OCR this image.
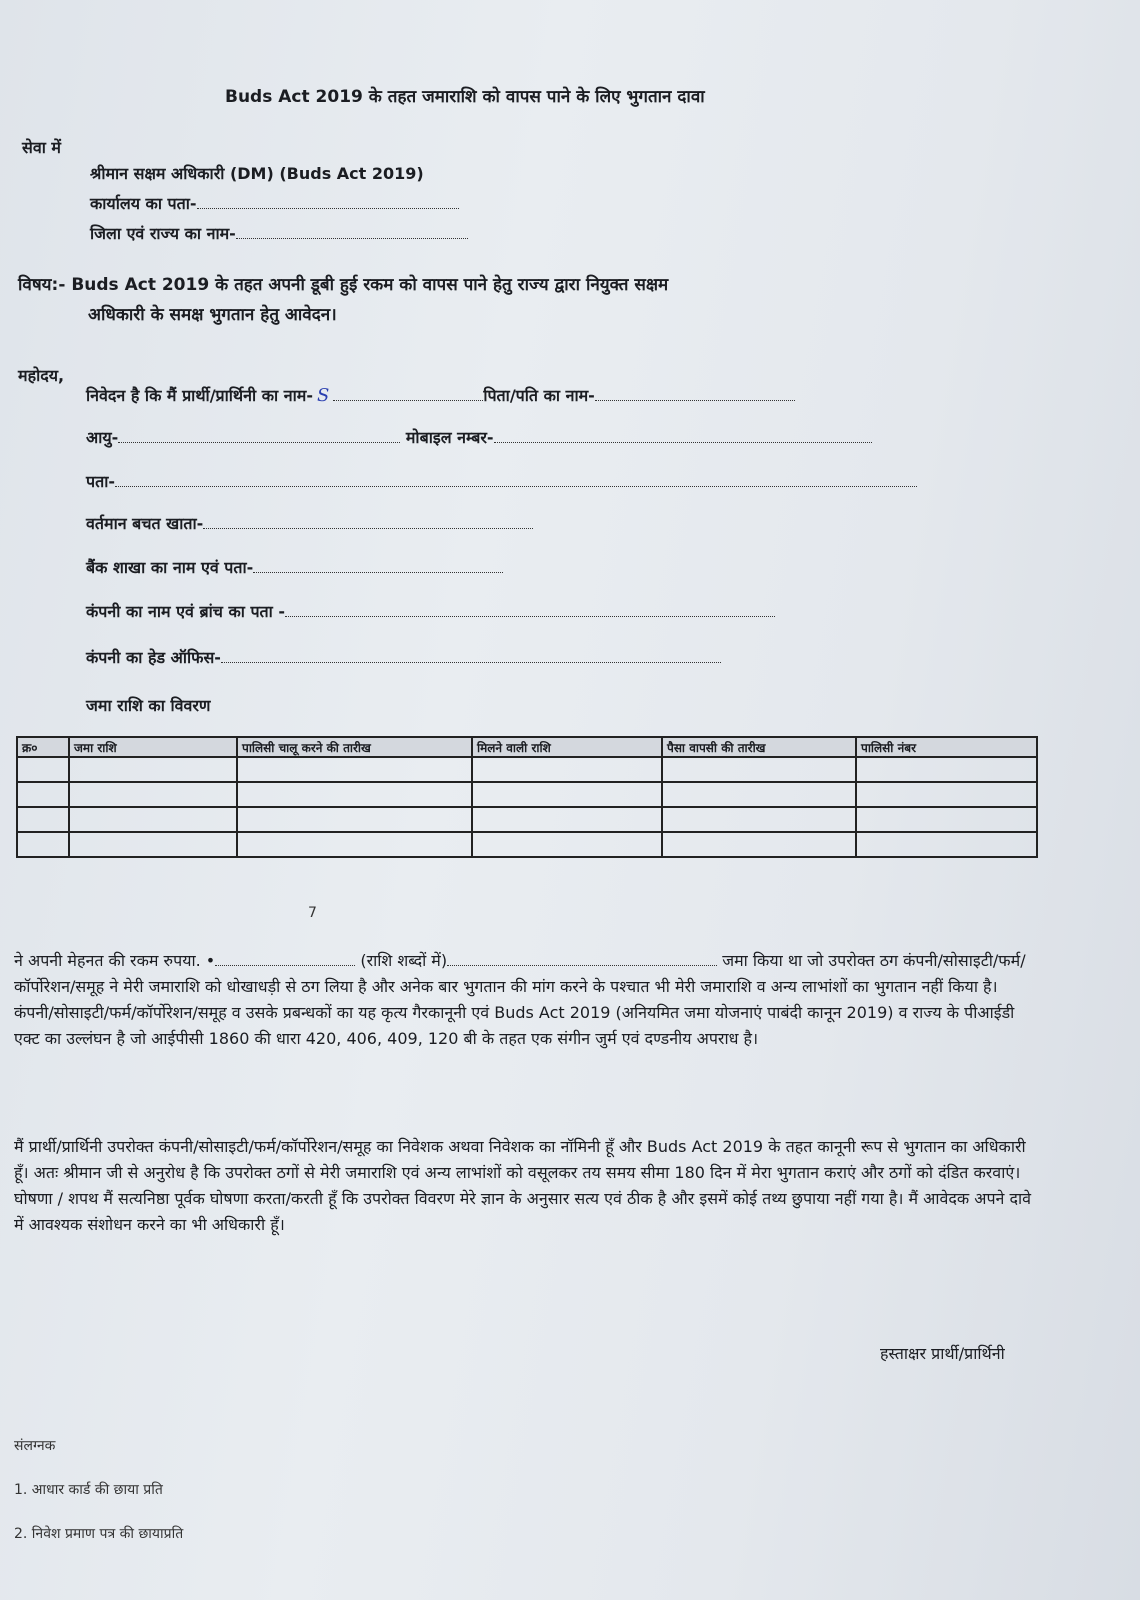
Buds Act 2019 के तहत जमाराशि को वापस पाने के लिए भुगतान दावा
सेवा में
श्रीमान सक्षम अधिकारी (DM) (Buds Act 2019)
कार्यालय का पता-
जिला एवं राज्य का नाम-
विषय:- Buds Act 2019 के तहत अपनी डूबी हुई रकम को वापस पाने हेतु राज्य द्वारा नियुक्त सक्षम
अधिकारी के समक्ष भुगतान हेतु आवेदन।
महोदय,
निवेदन है कि मैं प्रार्थी/प्रार्थिनी का नाम- S	पिता/पति का नाम-
आयु-	मोबाइल नम्बर-
पता-
वर्तमान बचत खाता-
बैंक शाखा का नाम एवं पता-
कंपनी का नाम एवं ब्रांच का पता -
कंपनी का हेड ऑफिस-
जमा राशि का विवरण
क्र०	जमा राशि	पालिसी चालू करने की तारीख	मिलने वाली राशि	पैसा वापसी की तारीख	पालिसी नंबर

7
ने अपनी मेहनत की रकम रुपया. •	(राशि शब्दों में)	जमा किया था जो उपरोक्त ठग कंपनी/सोसाइटी/फर्म/कॉर्पोरेशन/समूह ने मेरी जमाराशि को धोखाधड़ी से ठग लिया है और अनेक बार भुगतान की मांग करने के पश्चात भी मेरी जमाराशि व अन्य लाभांशों का भुगतान नहीं किया है। कंपनी/सोसाइटी/फर्म/कॉर्पोरेशन/समूह व उसके प्रबन्धकों का यह कृत्य गैरकानूनी एवं Buds Act 2019 (अनियमित जमा योजनाएं पाबंदी कानून 2019) व राज्य के पीआईडी एक्ट का उल्लंघन है जो आईपीसी 1860 की धारा 420, 406, 409, 120 बी के तहत एक संगीन जुर्म एवं दण्डनीय अपराध है।
मैं प्रार्थी/प्रार्थिनी उपरोक्त कंपनी/सोसाइटी/फर्म/कॉर्पोरेशन/समूह का निवेशक अथवा निवेशक का नॉमिनी हूँ और Buds Act 2019 के तहत कानूनी रूप से भुगतान का अधिकारी हूँ। अतः श्रीमान जी से अनुरोध है कि उपरोक्त ठगों से मेरी जमाराशि एवं अन्य लाभांशों को वसूलकर तय समय सीमा 180 दिन में मेरा भुगतान कराएं और ठगों को दंडित करवाएं। घोषणा / शपथ मैं सत्यनिष्ठा पूर्वक घोषणा करता/करती हूँ कि उपरोक्त विवरण मेरे ज्ञान के अनुसार सत्य एवं ठीक है और इसमें कोई तथ्य छुपाया नहीं गया है। मैं आवेदक अपने दावे में आवश्यक संशोधन करने का भी अधिकारी हूँ।
हस्ताक्षर प्रार्थी/प्रार्थिनी
संलग्नक
1. आधार कार्ड की छाया प्रति
2. निवेश प्रमाण पत्र की छायाप्रति
